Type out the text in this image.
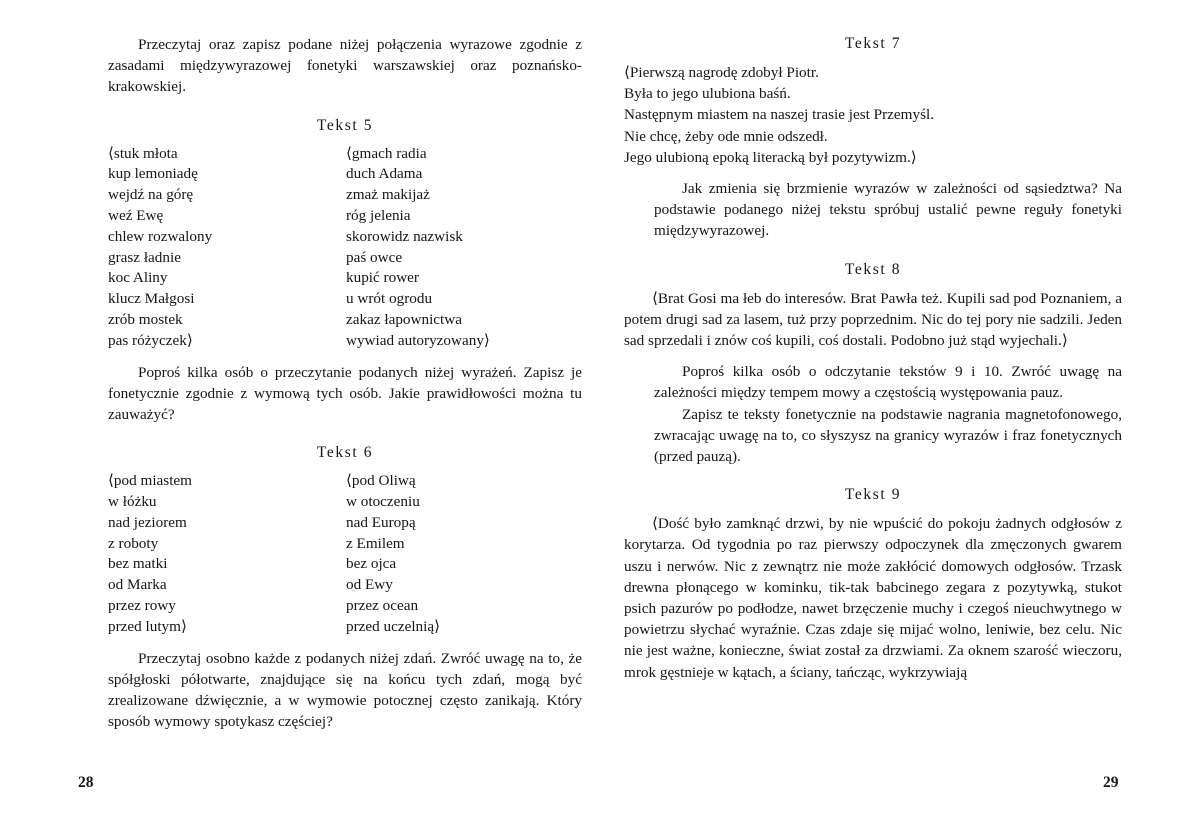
Przeczytaj oraz zapisz podane niżej połączenia wyrazowe zgodnie z zasadami międzywyrazowej fonetyki warszawskiej oraz poznańsko-krakowskiej.

Tekst 5
⟨stuk młota	⟨gmach radia
kup lemoniadę	duch Adama
wejdź na górę	zmaż makijaż
weź Ewę	róg jelenia
chlew rozwalony	skorowidz nazwisk
grasz ładnie	paś owce
koc Aliny	kupić rower
klucz Małgosi	u wrót ogrodu
zrób mostek	zakaz łapownictwa
pas różyczek⟩	wywiad autoryzowany⟩

Poproś kilka osób o przeczytanie podanych niżej wyrażeń. Zapisz je fonetycznie zgodnie z wymową tych osób. Jakie prawidłowości można tu zauważyć?

Tekst 6
⟨pod miastem	⟨pod Oliwą
w łóżku	w otoczeniu
nad jeziorem	nad Europą
z roboty	z Emilem
bez matki	bez ojca
od Marka	od Ewy
przez rowy	przez ocean
przed lutym⟩	przed uczelnią⟩

Przeczytaj osobno każde z podanych niżej zdań. Zwróć uwagę na to, że spółgłoski półotwarte, znajdujące się na końcu tych zdań, mogą być zrealizowane dźwięcznie, a w wymowie potocznej często zanikają. Który sposób wymowy spotykasz częściej?

28
Tekst 7

⟨Pierwszą nagrodę zdobył Piotr.

Była to jego ulubiona baśń.

Następnym miastem na naszej trasie jest Przemyśl.

Nie chcę, żeby ode mnie odszedł.

Jego ulubioną epoką literacką był pozytywizm.⟩

Jak zmienia się brzmienie wyrazów w zależności od sąsiedztwa? Na podstawie podanego niżej tekstu spróbuj ustalić pewne reguły fonetyki międzywyrazowej.

Tekst 8

⟨Brat Gosi ma łeb do interesów. Brat Pawła też. Kupili sad pod Poznaniem, a potem drugi sad za lasem, tuż przy poprzednim. Nic do tej pory nie sadzili. Jeden sad sprzedali i znów coś kupili, coś dostali. Podobno już stąd wyjechali.⟩

Poproś kilka osób o odczytanie tekstów 9 i 10. Zwróć uwagę na zależności między tempem mowy a częstością występowania pauz.

Zapisz te teksty fonetycznie na podstawie nagrania magnetofonowego, zwracając uwagę na to, co słyszysz na granicy wyrazów i fraz fonetycznych (przed pauzą).

Tekst 9

⟨Dość było zamknąć drzwi, by nie wpuścić do pokoju żadnych odgłosów z korytarza. Od tygodnia po raz pierwszy odpoczynek dla zmęczonych gwarem uszu i nerwów. Nic z zewnątrz nie może zakłócić domowych odgłosów. Trzask drewna płonącego w kominku, tik-tak babcinego zegara z pozytywką, stukot psich pazurów po podłodze, nawet brzęczenie muchy i czegoś nieuchwytnego w powietrzu słychać wyraźnie. Czas zdaje się mijać wolno, leniwie, bez celu. Nic nie jest ważne, konieczne, świat został za drzwiami. Za oknem szarość wieczoru, mrok gęstnieje w kątach, a ściany, tańcząc, wykrzywiają

29
